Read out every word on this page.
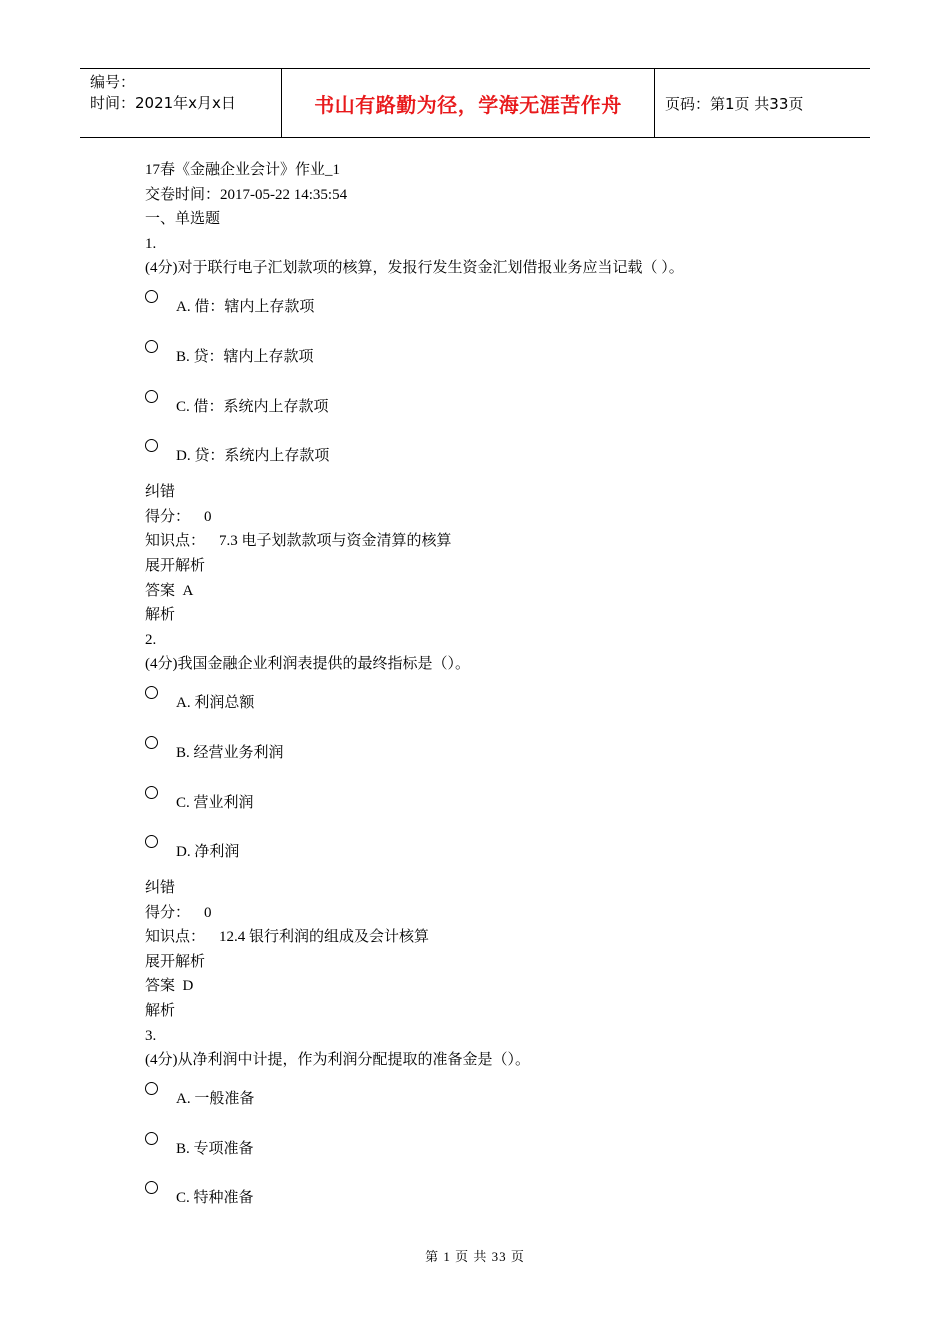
编号：
时间：2021年x月x日	书山有路勤为径，学海无涯苦作舟	页码：第1页 共33页
17春《金融企业会计》作业_1
交卷时间：2017-05-22 14:35:54
一、单选题
1.
(4分)对于联行电子汇划款项的核算，发报行发生资金汇划借报业务应当记载（ ）。
A. 借：辖内上存款项
B. 贷：辖内上存款项
C. 借：系统内上存款项
D. 贷：系统内上存款项
纠错
得分： 0
知识点： 7.3 电子划款款项与资金清算的核算
展开解析
答案 A
解析
2.
(4分)我国金融企业利润表提供的最终指标是（）。
A. 利润总额
B. 经营业务利润
C. 营业利润
D. 净利润
纠错
得分： 0
知识点： 12.4 银行利润的组成及会计核算
展开解析
答案 D
解析
3.
(4分)从净利润中计提，作为利润分配提取的准备金是（）。
A. 一般准备
B. 专项准备
C. 特种准备
第 1 页 共 33 页
